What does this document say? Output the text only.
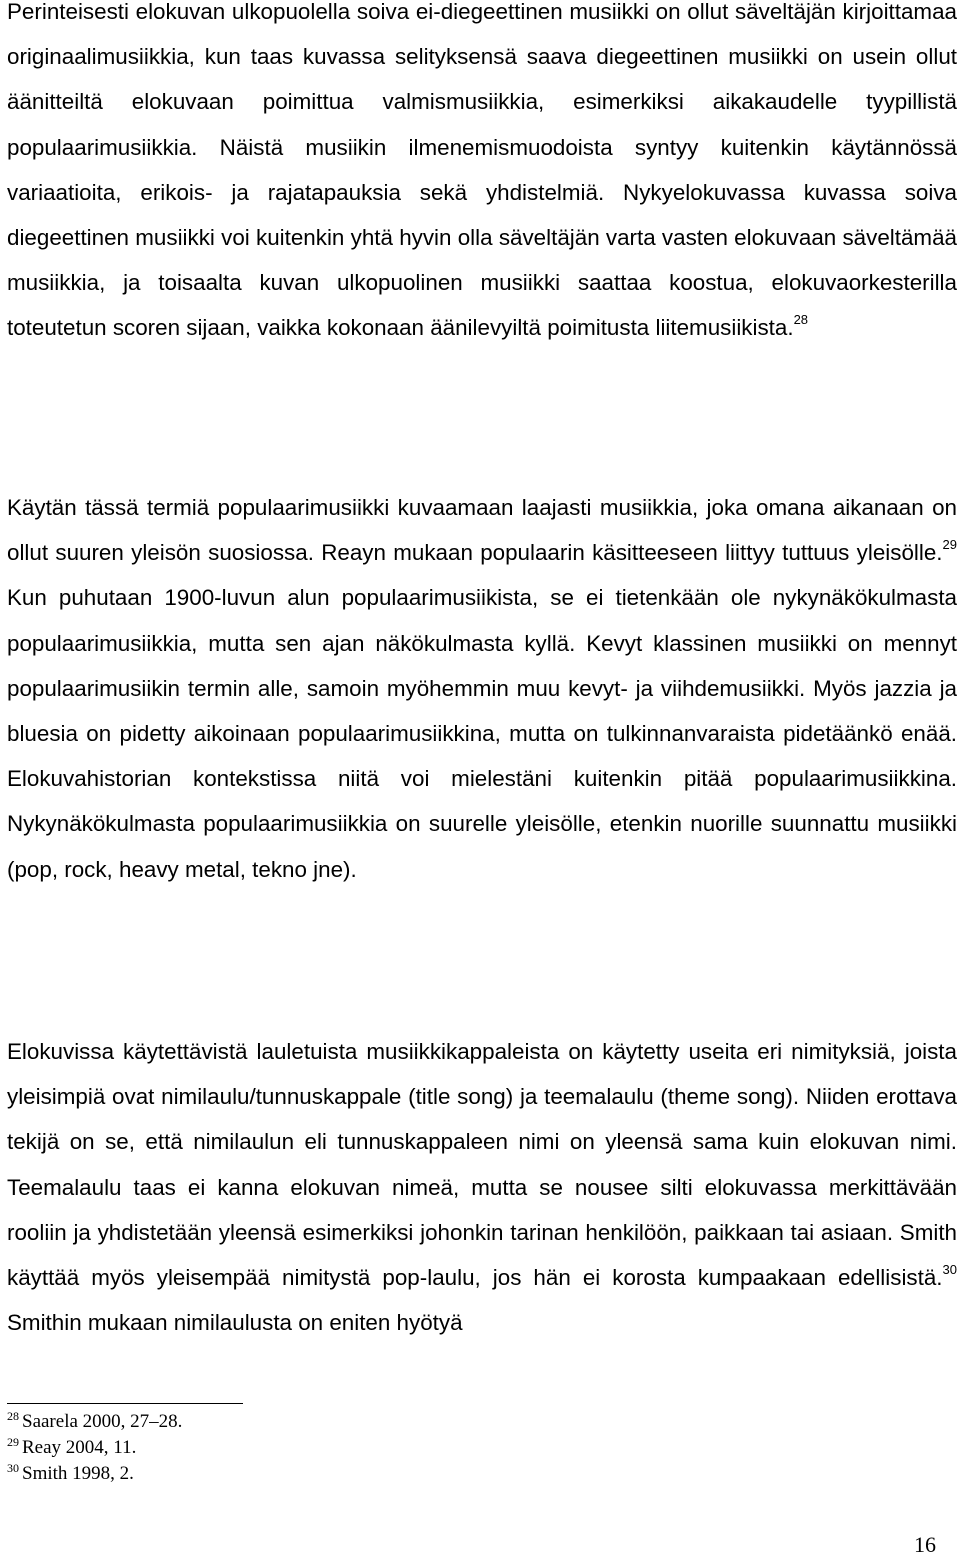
Perinteisesti elokuvan ulkopuolella soiva ei-diegeettinen musiikki on ollut säveltäjän kirjoittamaa originaalimusiikkia, kun taas kuvassa selityksensä saava diegeettinen musiikki on usein ollut äänitteiltä elokuvaan poimittua valmismusiikkia, esimerkiksi aikakaudelle tyypillistä populaarimusiikkia. Näistä musiikin ilmenemismuodoista syntyy kuitenkin käytännössä variaatioita, erikois- ja rajatapauksia sekä yhdistelmiä. Nykyelokuvassa kuvassa soiva diegeettinen musiikki voi kuitenkin yhtä hyvin olla säveltäjän varta vasten elokuvaan säveltämää musiikkia, ja toisaalta kuvan ulkopuolinen musiikki saattaa koostua, elokuvaorkesterilla toteutetun scoren sijaan, vaikka kokonaan äänilevyiltä poimitusta liitemusiikista.$^{28}$

Käytän tässä termiä populaarimusiikki kuvaamaan laajasti musiikkia, joka omana aikanaan on ollut suuren yleisön suosiossa. Reayn mukaan populaarin käsitteeseen liittyy tuttuus yleisölle.$^{29}$ Kun puhutaan 1900-luvun alun populaarimusiikista, se ei tietenkään ole nykynäkökulmasta populaarimusiikkia, mutta sen ajan näkökulmasta kyllä. Kevyt klassinen musiikki on mennyt populaarimusiikin termin alle, samoin myöhemmin muu kevyt- ja viihdemusiikki. Myös jazzia ja bluesia on pidetty aikoinaan populaarimusiikkina, mutta on tulkinnanvaraista pidetäänkö enää. Elokuvahistorian kontekstissa niitä voi mielestäni kuitenkin pitää populaarimusiikkina. Nykynäkökulmasta populaarimusiikkia on suurelle yleisölle, etenkin nuorille suunnattu musiikki (pop, rock, heavy metal, tekno jne).

Elokuvissa käytettävistä lauletuista musiikkikappaleista on käytetty useita eri nimityksiä, joista yleisimpiä ovat nimilaulu/tunnuskappale (title song) ja teemalaulu (theme song). Niiden erottava tekijä on se, että nimilaulun eli tunnuskappaleen nimi on yleensä sama kuin elokuvan nimi. Teemalaulu taas ei kanna elokuvan nimeä, mutta se nousee silti elokuvassa merkittävään rooliin ja yhdistetään yleensä esimerkiksi johonkin tarinan henkilöön, paikkaan tai asiaan. Smith käyttää myös yleisempää nimitystä pop-laulu, jos hän ei korosta kumpaakaan edellisistä.$^{30}$ Smithin mukaan nimilaulusta on eniten hyötyä

$^{28}$ Saarela 2000, 27–28.
$^{29}$ Reay 2004, 11.
$^{30}$ Smith 1998, 2.
16
